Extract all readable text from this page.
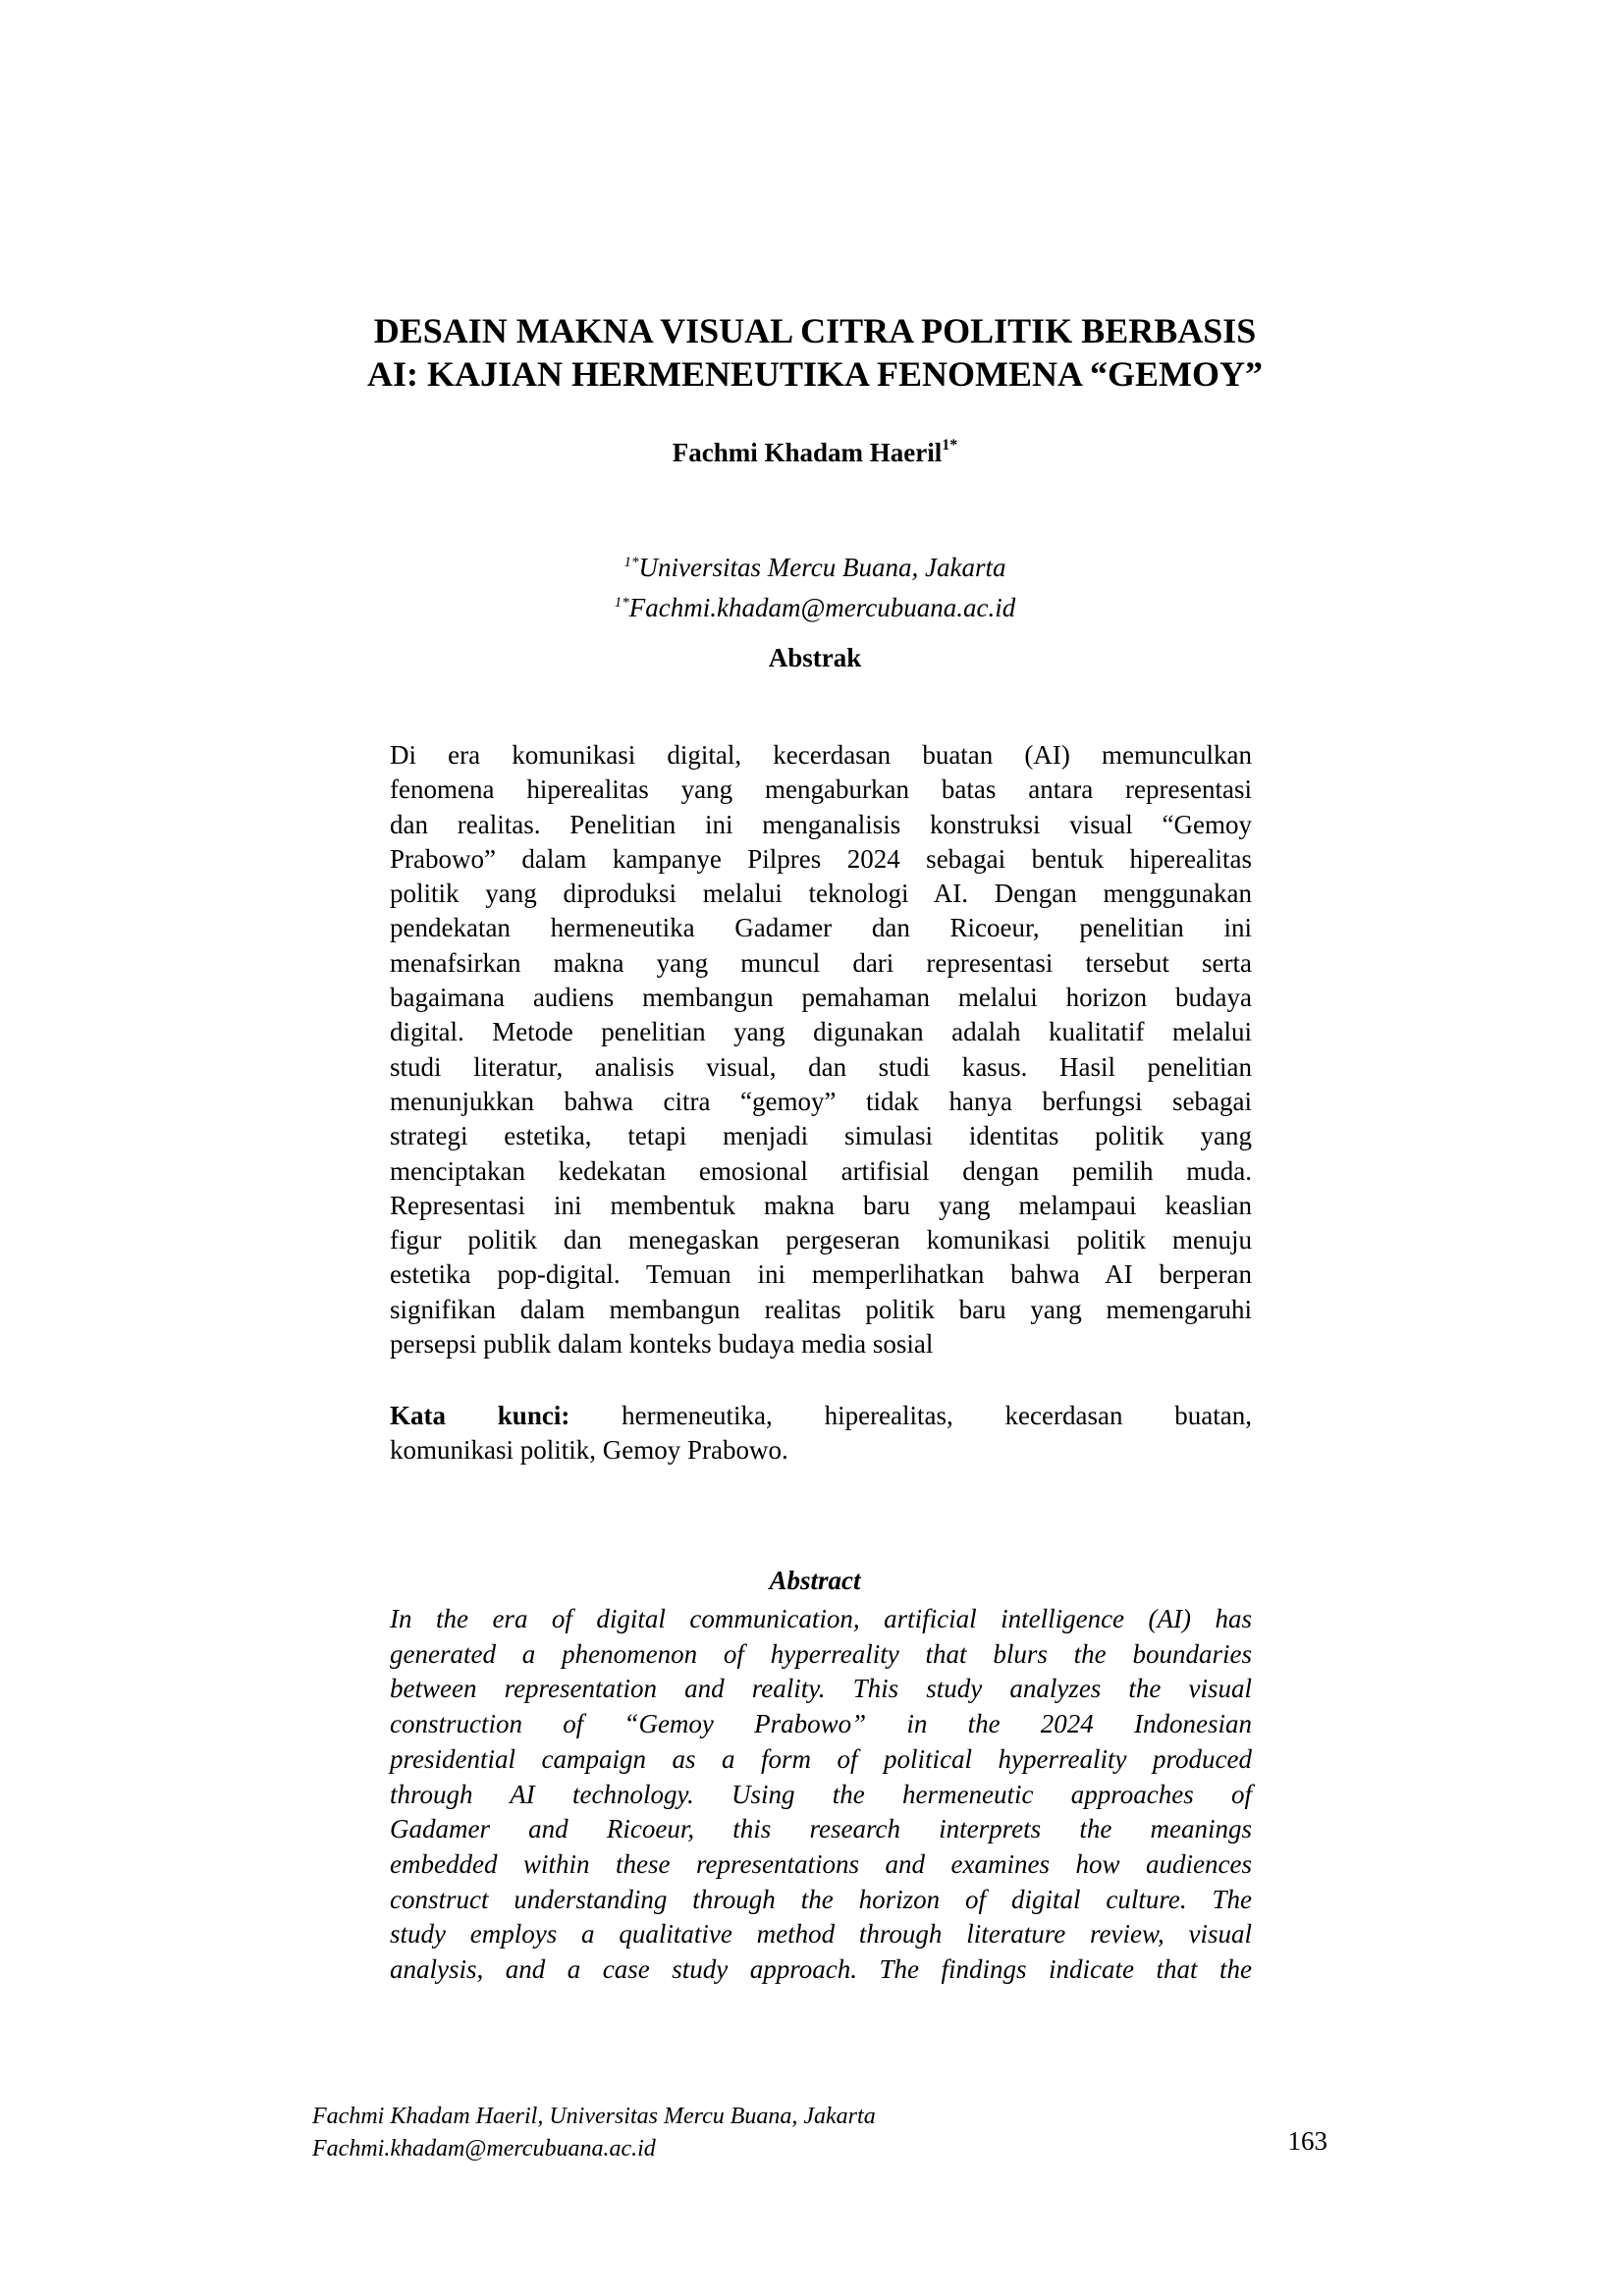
DESAIN MAKNA VISUAL CITRA POLITIK BERBASIS
AI: KAJIAN HERMENEUTIKA FENOMENA “GEMOY”
Fachmi Khadam Haeril$^{1*}$
$^{1*}$Universitas Mercu Buana, Jakarta
$^{1*}$Fachmi.khadam@mercubuana.ac.id
Abstrak

Di era komunikasi digital, kecerdasan buatan (AI) memunculkan
fenomena hiperealitas yang mengaburkan batas antara representasi
dan realitas. Penelitian ini menganalisis konstruksi visual “Gemoy
Prabowo” dalam kampanye Pilpres 2024 sebagai bentuk hiperealitas
politik yang diproduksi melalui teknologi AI. Dengan menggunakan
pendekatan hermeneutika Gadamer dan Ricoeur, penelitian ini
menafsirkan makna yang muncul dari representasi tersebut serta
bagaimana audiens membangun pemahaman melalui horizon budaya
digital. Metode penelitian yang digunakan adalah kualitatif melalui
studi literatur, analisis visual, dan studi kasus. Hasil penelitian
menunjukkan bahwa citra “gemoy” tidak hanya berfungsi sebagai
strategi estetika, tetapi menjadi simulasi identitas politik yang
menciptakan kedekatan emosional artifisial dengan pemilih muda.
Representasi ini membentuk makna baru yang melampaui keaslian
figur politik dan menegaskan pergeseran komunikasi politik menuju
estetika pop-digital. Temuan ini memperlihatkan bahwa AI berperan
signifikan dalam membangun realitas politik baru yang memengaruhi
persepsi publik dalam konteks budaya media sosial

Kata kunci: hermeneutika, hiperealitas, kecerdasan buatan,
komunikasi politik, Gemoy Prabowo.
Abstract

In the era of digital communication, artificial intelligence (AI) has
generated a phenomenon of hyperreality that blurs the boundaries
between representation and reality. This study analyzes the visual
construction of “Gemoy Prabowo” in the 2024 Indonesian
presidential campaign as a form of political hyperreality produced
through AI technology. Using the hermeneutic approaches of
Gadamer and Ricoeur, this research interprets the meanings
embedded within these representations and examines how audiences
construct understanding through the horizon of digital culture. The
study employs a qualitative method through literature review, visual
analysis, and a case study approach. The findings indicate that the

Fachmi Khadam Haeril, Universitas Mercu Buana, Jakarta
Fachmi.khadam@mercubuana.ac.id	163
